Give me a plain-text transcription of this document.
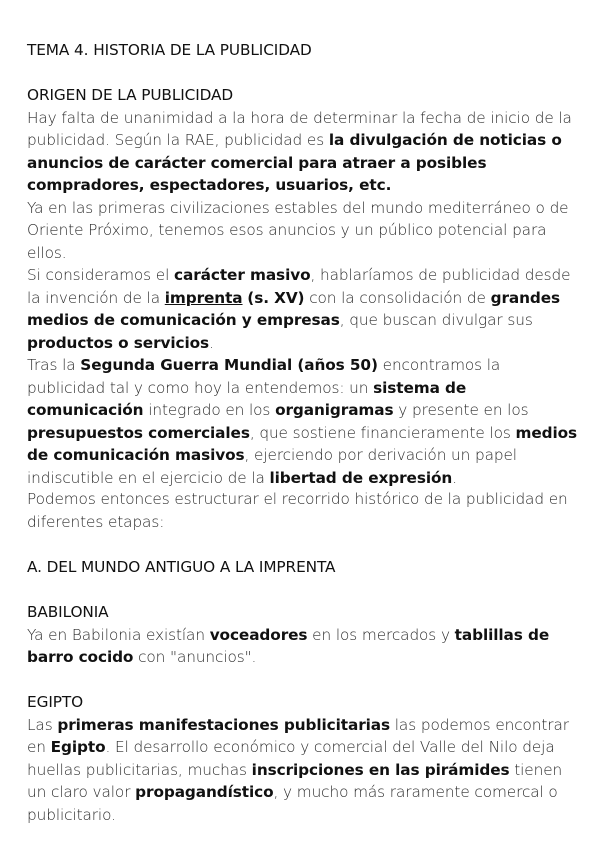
TEMA 4. HISTORIA DE LA PUBLICIDAD

ORIGEN DE LA PUBLICIDAD

Hay falta de unanimidad a la hora de determinar la fecha de inicio de la publicidad. Según la RAE, publicidad es la divulgación de noticias o anuncios de carácter comercial para atraer a posibles compradores, espectadores, usuarios, etc.

Ya en las primeras civilizaciones estables del mundo mediterráneo o de Oriente Próximo, tenemos esos anuncios y un público potencial para ellos.

Si consideramos el carácter masivo, hablaríamos de publicidad desde la invención de la imprenta (s. XV) con la consolidación de grandes medios de comunicación y empresas, que buscan divulgar sus productos o servicios.

Tras la Segunda Guerra Mundial (años 50) encontramos la publicidad tal y como hoy la entendemos: un sistema de comunicación integrado en los organigramas y presente en los presupuestos comerciales, que sostiene financieramente los medios de comunicación masivos, ejerciendo por derivación un papel indiscutible en el ejercicio de la libertad de expresión.

Podemos entonces estructurar el recorrido histórico de la publicidad en diferentes etapas:
A. DEL MUNDO ANTIGUO A LA IMPRENTA

BABILONIA

Ya en Babilonia existían voceadores en los mercados y tablillas de barro cocido con "anuncios".

EGIPTO

Las primeras manifestaciones publicitarias las podemos encontrar en Egipto. El desarrollo económico y comercial del Valle del Nilo deja huellas publicitarias, muchas inscripciones en las pirámides tienen un claro valor propagandístico, y mucho más raramente comercal o publicitario.
